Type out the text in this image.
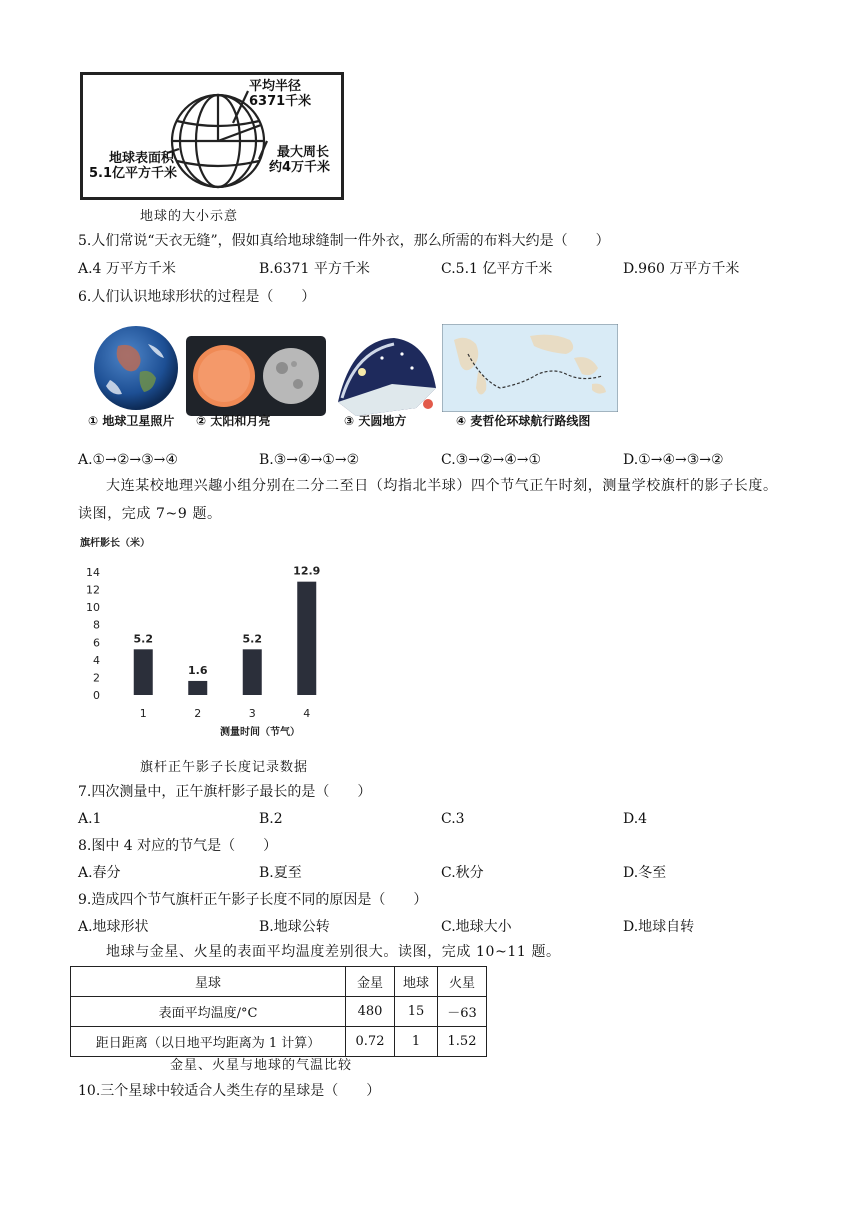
平均半径
6371千米
最大周长
约4万千米
地球表面积
5.1亿平方千米
地球的大小示意
5.人们常说“天衣无缝”，假如真给地球缝制一件外衣，那么所需的布料大约是（　　）
A.4 万平方千米	B.6371 平方千米	C.5.1 亿平方千米	D.960 万平方千米
6.人们认识地球形状的过程是（　　）
① 地球卫星照片 ② 太阳和月亮	③ 天圆地方	④ 麦哲伦环球航行路线图
A.①→②→③→④	B.③→④→①→②	C.③→②→④→①	D.①→④→③→②
大连某校地理兴趣小组分别在二分二至日（均指北半球）四个节气正午时刻，测量学校旗杆的影子长度。读图，完成 7~9 题。
旗杆影长（米）
0
2
4
6
8
10
12
14
5.2
1
1.6
2
5.2
3
12.9
4
测量时间（节气）
旗杆正午影子长度记录数据
7.四次测量中，正午旗杆影子最长的是（　　）
A.1	B.2	C.3	D.4
8.图中 4 对应的节气是（　　）
A.春分	B.夏至	C.秋分	D.冬至
9.造成四个节气旗杆正午影子长度不同的原因是（　　）
A.地球形状	B.地球公转	C.地球大小	D.地球自转
地球与金星、火星的表面平均温度差别很大。读图，完成 10~11 题。
星球	金星	地球	火星
表面平均温度/°C	480	15	－63
距日距离（以日地平均距离为 1 计算）	0.72	1	1.52
金星、火星与地球的气温比较
10.三个星球中较适合人类生存的星球是（　　）
